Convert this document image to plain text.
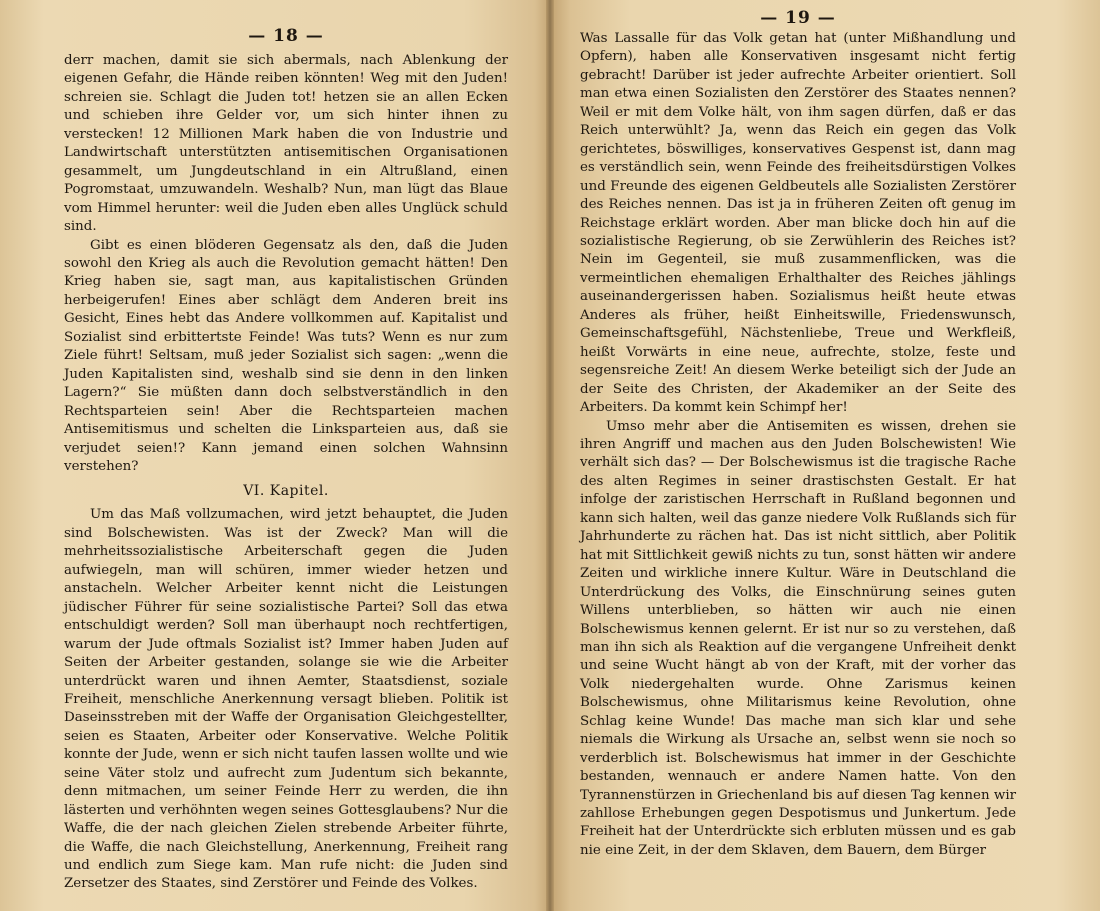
— 18 —

derr machen, damit sie sich abermals, nach Ablenkung der eigenen Gefahr, die Hände reiben könnten! Weg mit den Juden! schreien sie. Schlagt die Juden tot! hetzen sie an allen Ecken und schieben ihre Gelder vor, um sich hinter ihnen zu verstecken! 12 Millionen Mark haben die von Industrie und Landwirtschaft unterstützten antisemitischen Organisationen gesammelt, um Jungdeutschland in ein Altrußland, einen Pogromstaat, umzuwandeln. Weshalb? Nun, man lügt das Blaue vom Himmel herunter: weil die Juden eben alles Unglück schuld sind.

Gibt es einen blöderen Gegensatz als den, daß die Juden sowohl den Krieg als auch die Revolution gemacht hätten! Den Krieg haben sie, sagt man, aus kapitalistischen Gründen herbeigerufen! Eines aber schlägt dem Anderen breit ins Gesicht, Eines hebt das Andere vollkommen auf. Kapitalist und Sozialist sind erbittertste Feinde! Was tuts? Wenn es nur zum Ziele führt! Seltsam, muß jeder Sozialist sich sagen: „wenn die Juden Kapitalisten sind, weshalb sind sie denn in den linken Lagern?“ Sie müßten dann doch selbstverständlich in den Rechtsparteien sein! Aber die Rechtsparteien machen Antisemitismus und schelten die Linksparteien aus, daß sie verjudet seien!? Kann jemand einen solchen Wahnsinn verstehen?

VI. Kapitel.

Um das Maß vollzumachen, wird jetzt behauptet, die Juden sind Bolschewisten. Was ist der Zweck? Man will die mehrheitssozialistische Arbeiterschaft gegen die Juden aufwiegeln, man will schüren, immer wieder hetzen und anstacheln. Welcher Arbeiter kennt nicht die Leistungen jüdischer Führer für seine sozialistische Partei? Soll das etwa entschuldigt werden? Soll man überhaupt noch rechtfertigen, warum der Jude oftmals Sozialist ist? Immer haben Juden auf Seiten der Arbeiter gestanden, solange sie wie die Arbeiter unterdrückt waren und ihnen Aemter, Staatsdienst, soziale Freiheit, menschliche Anerkennung versagt blieben. Politik ist Daseinsstreben mit der Waffe der Organisation Gleichgestellter, seien es Staaten, Arbeiter oder Konservative. Welche Politik konnte der Jude, wenn er sich nicht taufen lassen wollte und wie seine Väter stolz und aufrecht zum Judentum sich bekannte, denn mitmachen, um seiner Feinde Herr zu werden, die ihn lästerten und verhöhnten wegen seines Gottesglaubens? Nur die Waffe, die der nach gleichen Zielen strebende Arbeiter führte, die Waffe, die nach Gleichstellung, Anerkennung, Freiheit rang und endlich zum Siege kam. Man rufe nicht: die Juden sind Zersetzer des Staates, sind Zerstörer und Feinde des Volkes.

— 19 —

Was Lassalle für das Volk getan hat (unter Mißhandlung und Opfern), haben alle Konservativen insgesamt nicht fertig gebracht! Darüber ist jeder aufrechte Arbeiter orientiert. Soll man etwa einen Sozialisten den Zerstörer des Staates nennen? Weil er mit dem Volke hält, von ihm sagen dürfen, daß er das Reich unterwühlt? Ja, wenn das Reich ein gegen das Volk gerichtetes, böswilliges, konservatives Gespenst ist, dann mag es verständlich sein, wenn Feinde des freiheitsdürstigen Volkes und Freunde des eigenen Geldbeutels alle Sozialisten Zerstörer des Reiches nennen. Das ist ja in früheren Zeiten oft genug im Reichstage erklärt worden. Aber man blicke doch hin auf die sozialistische Regierung, ob sie Zerwühlerin des Reiches ist? Nein im Gegenteil, sie muß zusammenflicken, was die vermeintlichen ehemaligen Erhalthalter des Reiches jählings auseinandergerissen haben. Sozialismus heißt heute etwas Anderes als früher, heißt Einheitswille, Friedenswunsch, Gemeinschaftsgefühl, Nächstenliebe, Treue und Werkfleiß, heißt Vorwärts in eine neue, aufrechte, stolze, feste und segensreiche Zeit! An diesem Werke beteiligt sich der Jude an der Seite des Christen, der Akademiker an der Seite des Arbeiters. Da kommt kein Schimpf her!

Umso mehr aber die Antisemiten es wissen, drehen sie ihren Angriff und machen aus den Juden Bolschewisten! Wie verhält sich das? — Der Bolschewismus ist die tragische Rache des alten Regimes in seiner drastischsten Gestalt. Er hat infolge der zaristischen Herrschaft in Rußland begonnen und kann sich halten, weil das ganze niedere Volk Rußlands sich für Jahrhunderte zu rächen hat. Das ist nicht sittlich, aber Politik hat mit Sittlichkeit gewiß nichts zu tun, sonst hätten wir andere Zeiten und wirkliche innere Kultur. Wäre in Deutschland die Unterdrückung des Volks, die Einschnürung seines guten Willens unterblieben, so hätten wir auch nie einen Bolschewismus kennen gelernt. Er ist nur so zu verstehen, daß man ihn sich als Reaktion auf die vergangene Unfreiheit denkt und seine Wucht hängt ab von der Kraft, mit der vorher das Volk niedergehalten wurde. Ohne Zarismus keinen Bolschewismus, ohne Militarismus keine Revolution, ohne Schlag keine Wunde! Das mache man sich klar und sehe niemals die Wirkung als Ursache an, selbst wenn sie noch so verderblich ist. Bolschewismus hat immer in der Geschichte bestanden, wennauch er andere Namen hatte. Von den Tyrannenstürzen in Griechenland bis auf diesen Tag kennen wir zahllose Erhebungen gegen Despotismus und Junkertum. Jede Freiheit hat der Unterdrückte sich erbluten müssen und es gab nie eine Zeit, in der dem Sklaven, dem Bauern, dem Bürger
